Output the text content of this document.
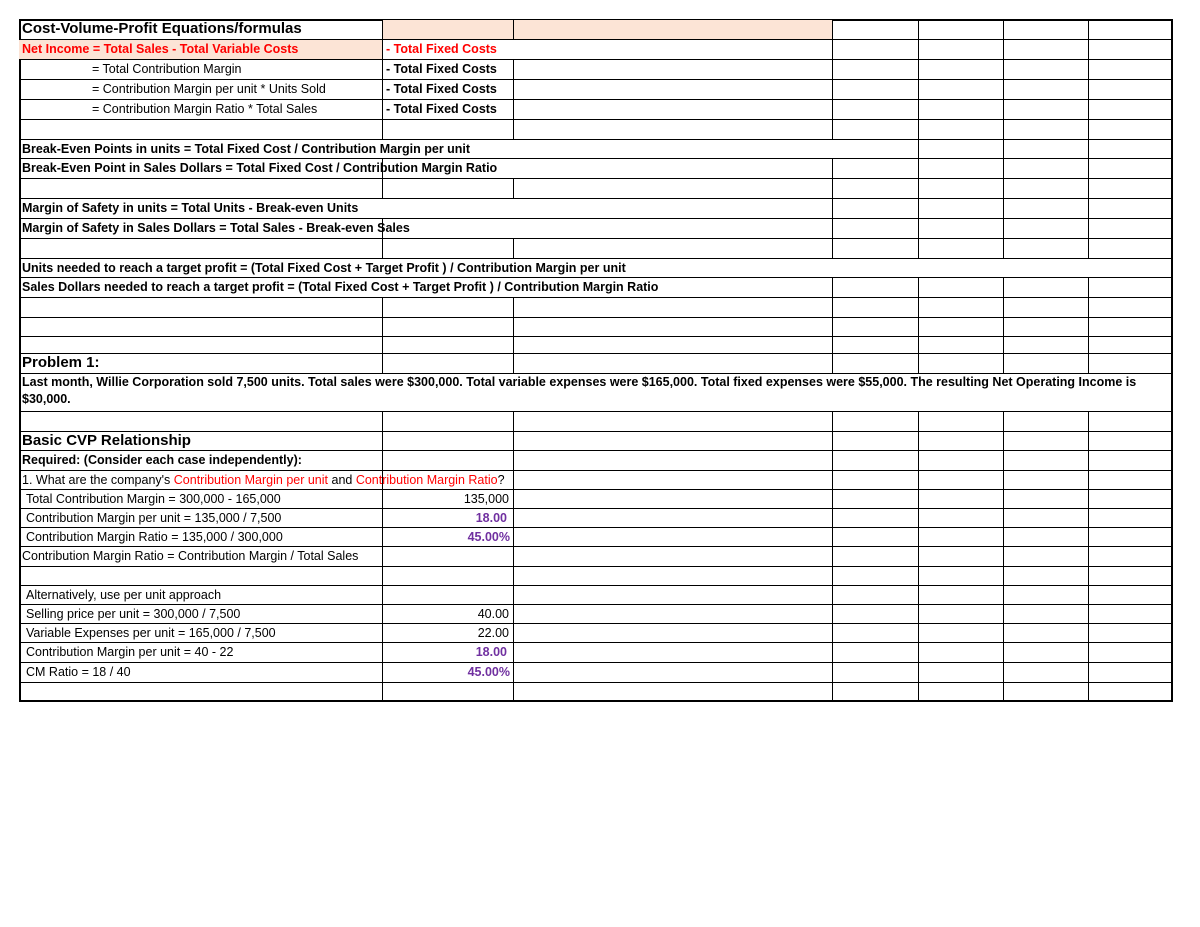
Cost-Volume-Profit Equations/formulas
Net Income = Total Sales - Total Variable Costs	- Total Fixed Costs
= Total Contribution Margin	- Total Fixed Costs
= Contribution Margin per unit * Units Sold	- Total Fixed Costs
= Contribution Margin Ratio * Total Sales	- Total Fixed Costs
Break-Even Points in units = Total Fixed Cost / Contribution Margin per unit
Break-Even Point in Sales Dollars = Total Fixed Cost / Contribution Margin Ratio
Margin of Safety in units = Total Units - Break-even Units
Margin of Safety in Sales Dollars = Total Sales - Break-even Sales
Units needed to reach a target profit = (Total Fixed Cost + Target Profit ) / Contribution Margin per unit
Sales Dollars needed to reach a target profit = (Total Fixed Cost + Target Profit ) / Contribution Margin Ratio
Problem 1:
Last month, Willie Corporation sold 7,500 units. Total sales were $300,000. Total variable expenses were $165,000. Total fixed expenses were $55,000. The resulting Net Operating Income is $30,000.
Basic CVP Relationship
Required: (Consider each case independently):
1. What are the company's Contribution Margin per unit and Contribution Margin Ratio?
Total Contribution Margin = 300,000 - 165,000	135,000
Contribution Margin per unit = 135,000 / 7,500	18.00
Contribution Margin Ratio = 135,000 / 300,000	45.00%
Contribution Margin Ratio = Contribution Margin / Total Sales
Alternatively, use per unit approach
Selling price per unit = 300,000 / 7,500	40.00
Variable Expenses per unit = 165,000 / 7,500	22.00
Contribution Margin per unit = 40 - 22	18.00
CM Ratio = 18 / 40	45.00%
